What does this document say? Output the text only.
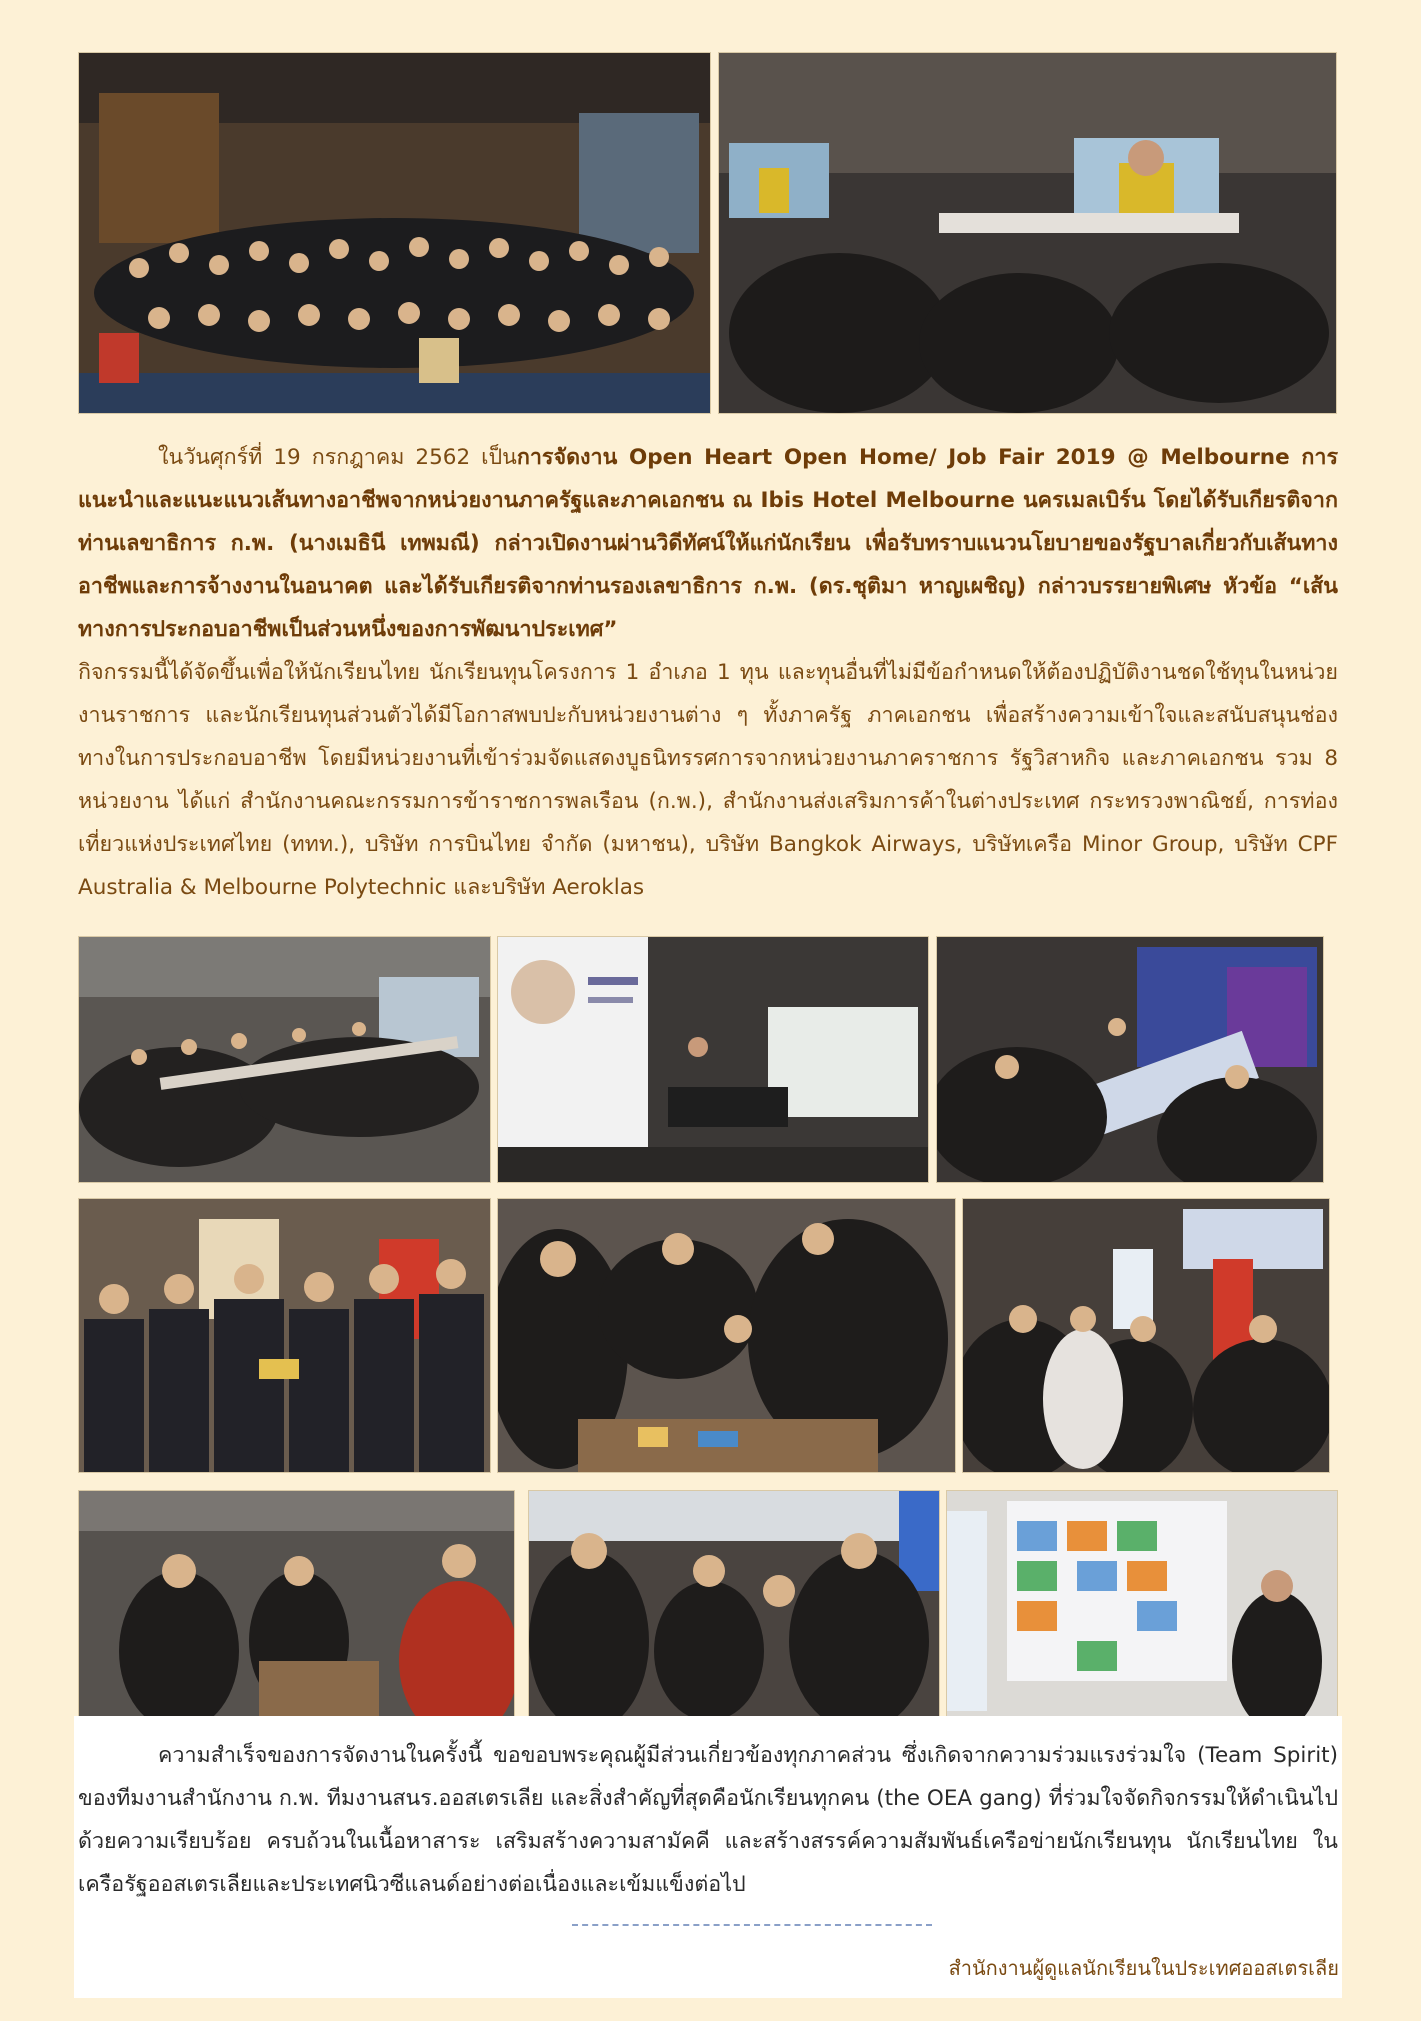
ในวันศุกร์ที่ 19 กรกฎาคม 2562 เป็นการจัดงาน Open Heart Open Home/ Job Fair 2019 @ Melbourne การแนะนำและแนะแนวเส้นทางอาชีพจากหน่วยงานภาครัฐและภาคเอกชน ณ Ibis Hotel Melbourne นครเมลเบิร์น โดยได้รับเกียรติจากท่านเลขาธิการ ก.พ. (นางเมธินี เทพมณี) กล่าวเปิดงานผ่านวิดีทัศน์ให้แก่นักเรียน เพื่อรับทราบแนวนโยบายของรัฐบาลเกี่ยวกับเส้นทางอาชีพและการจ้างงานในอนาคต และได้รับเกียรติจากท่านรองเลขาธิการ ก.พ. (ดร.ชุติมา หาญเผชิญ) กล่าวบรรยายพิเศษ หัวข้อ “เส้นทางการประกอบอาชีพเป็นส่วนหนึ่งของการพัฒนาประเทศ”
กิจกรรมนี้ได้จัดขึ้นเพื่อให้นักเรียนไทย นักเรียนทุนโครงการ 1 อำเภอ 1 ทุน และทุนอื่นที่ไม่มีข้อกำหนดให้ต้องปฏิบัติงานชดใช้ทุนในหน่วยงานราชการ และนักเรียนทุนส่วนตัวได้มีโอกาสพบปะกับหน่วยงานต่าง ๆ ทั้งภาครัฐ ภาคเอกชน เพื่อสร้างความเข้าใจและสนับสนุนช่องทางในการประกอบอาชีพ โดยมีหน่วยงานที่เข้าร่วมจัดแสดงบูธนิทรรศการจากหน่วยงานภาคราชการ รัฐวิสาหกิจ และภาคเอกชน รวม 8 หน่วยงาน ได้แก่ สำนักงานคณะกรรมการข้าราชการพลเรือน (ก.พ.), สำนักงานส่งเสริมการค้าในต่างประเทศ กระทรวงพาณิชย์, การท่องเที่ยวแห่งประเทศไทย (ททท.), บริษัท การบินไทย จำกัด (มหาชน), บริษัท Bangkok Airways, บริษัทเครือ Minor Group, บริษัท CPF Australia & Melbourne Polytechnic และบริษัท Aeroklas

ความสำเร็จของการจัดงานในครั้งนี้ ขอขอบพระคุณผู้มีส่วนเกี่ยวข้องทุกภาคส่วน ซึ่งเกิดจากความร่วมแรงร่วมใจ (Team Spirit) ของทีมงานสำนักงาน ก.พ. ทีมงานสนร.ออสเตรเลีย และสิ่งสำคัญที่สุดคือนักเรียนทุกคน (the OEA gang) ที่ร่วมใจจัดกิจกรรมให้ดำเนินไปด้วยความเรียบร้อย ครบถ้วนในเนื้อหาสาระ เสริมสร้างความสามัคคี และสร้างสรรค์ความสัมพันธ์เครือข่ายนักเรียนทุน นักเรียนไทย ในเครือรัฐออสเตรเลียและประเทศนิวซีแลนด์อย่างต่อเนื่องและเข้มแข็งต่อไป

สำนักงานผู้ดูแลนักเรียนในประเทศออสเตรเลีย
